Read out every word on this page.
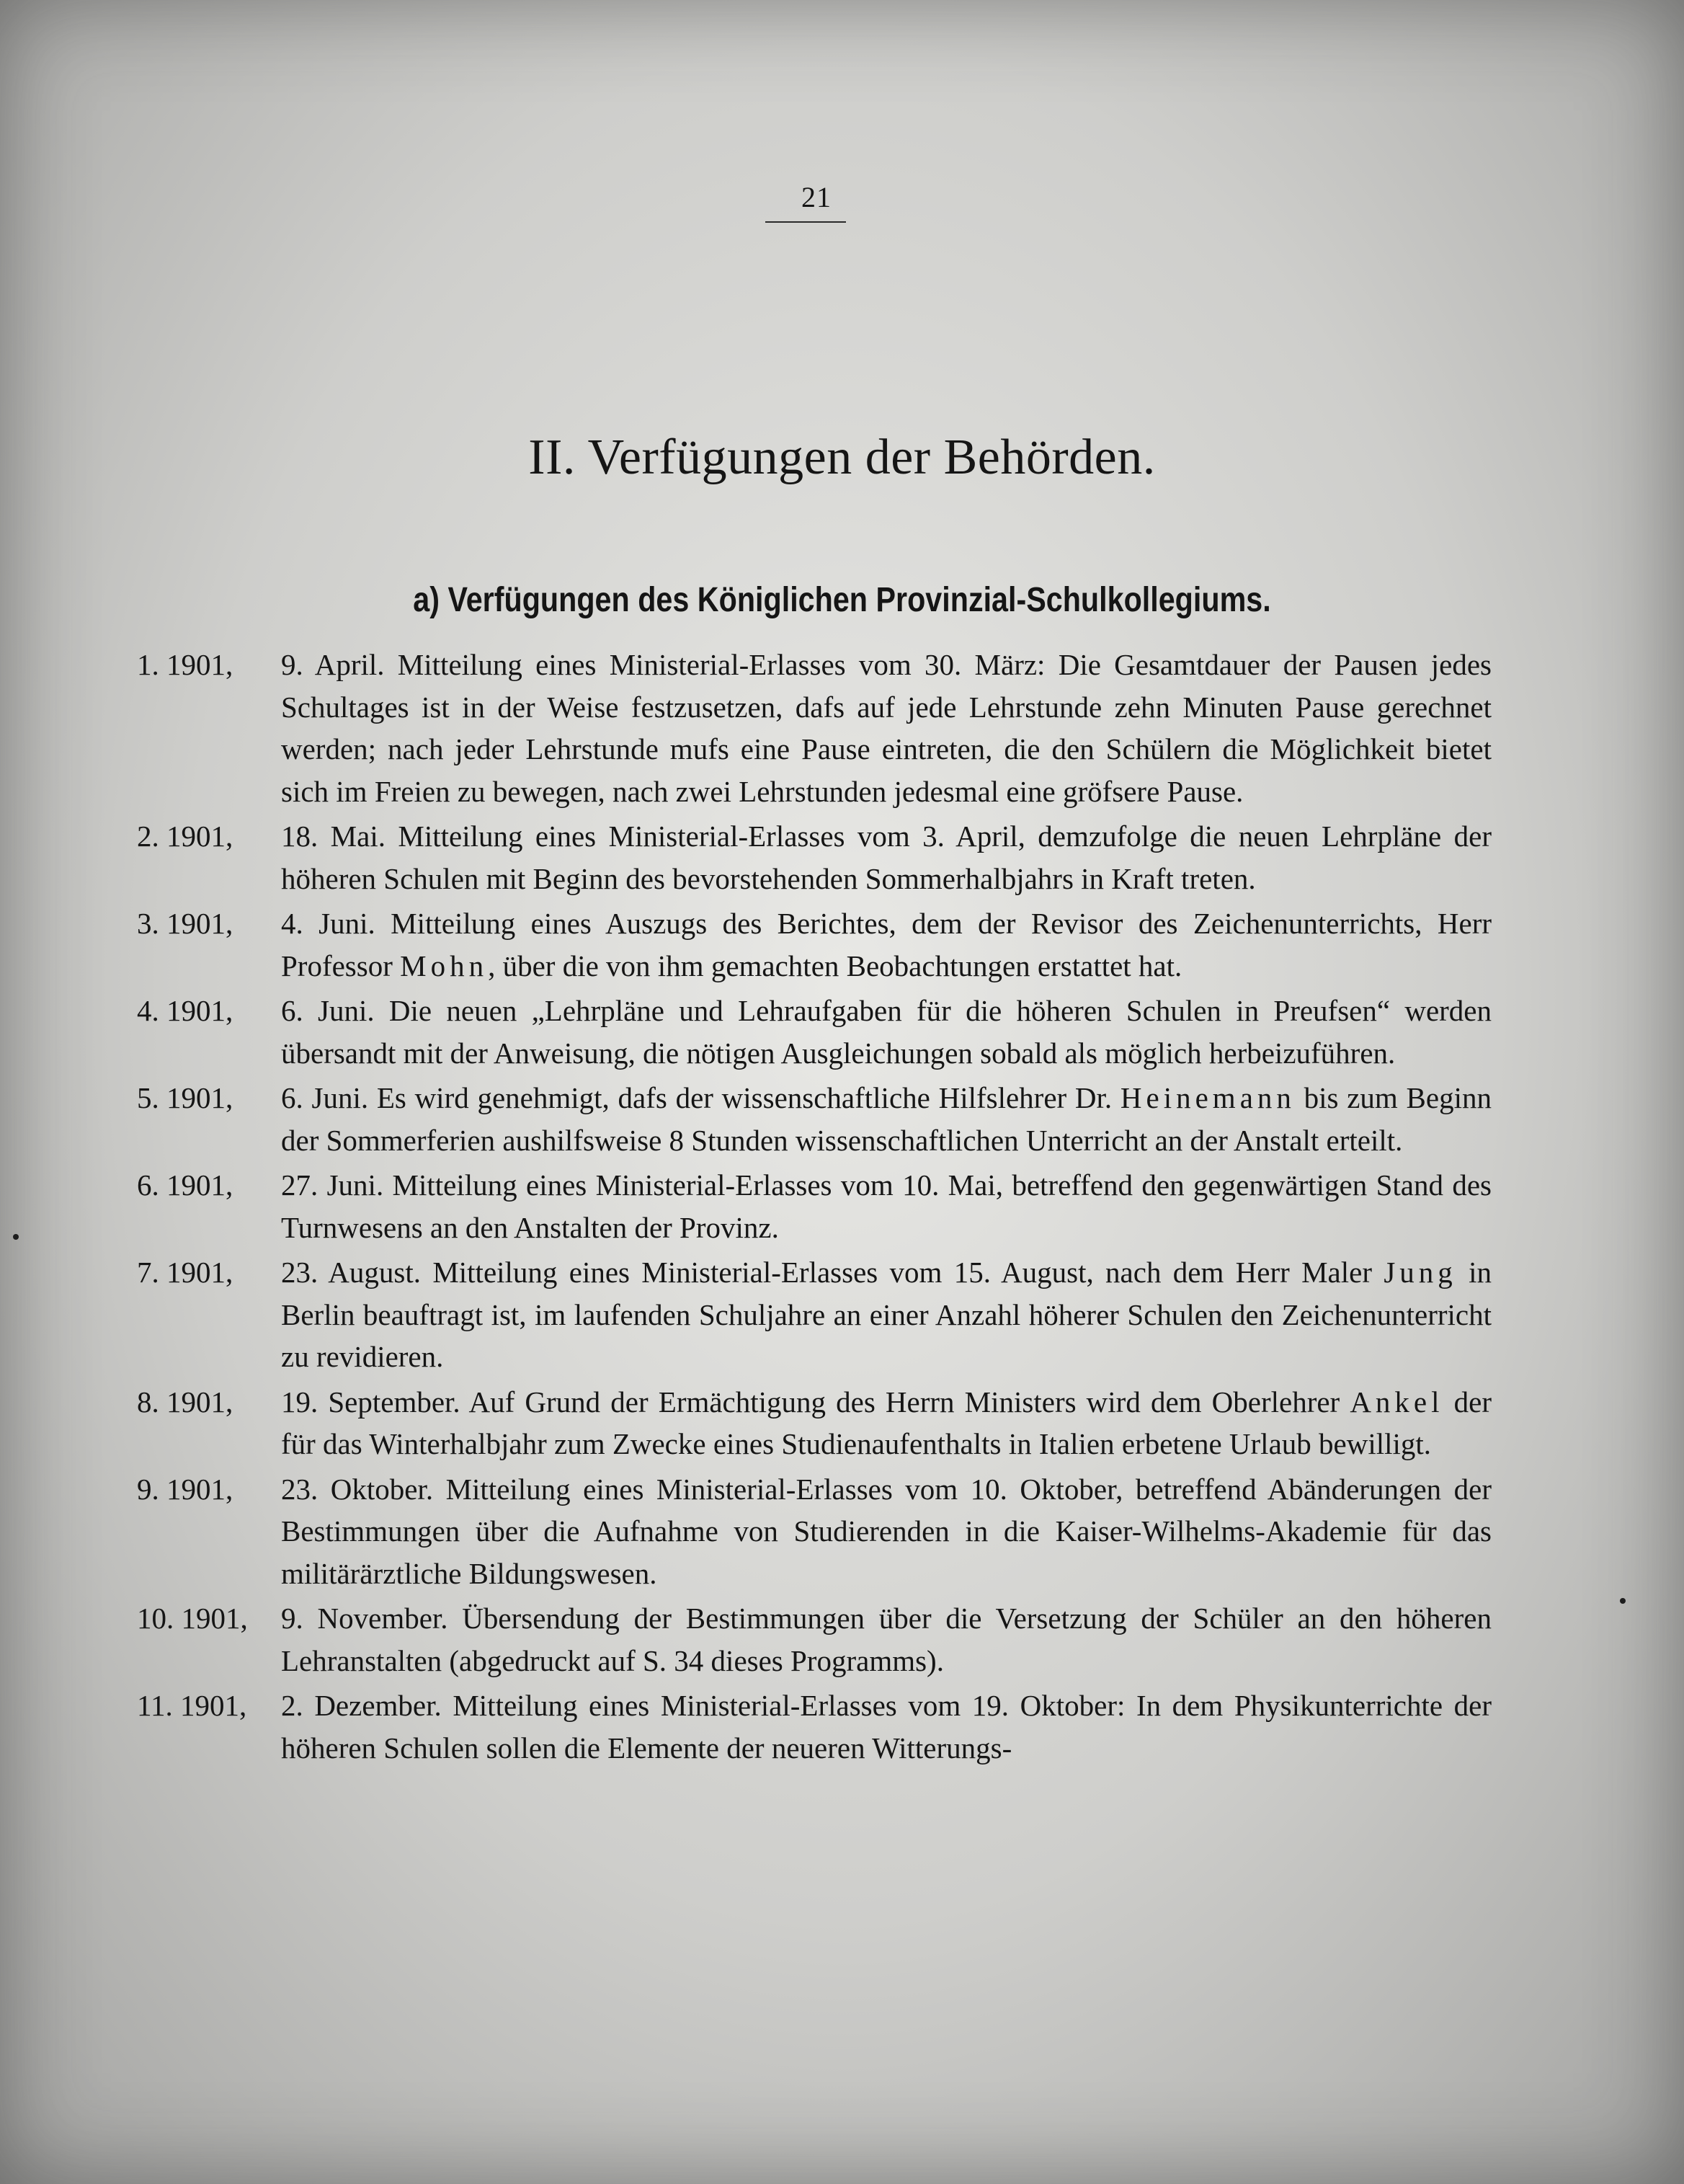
21
II. Verfügungen der Behörden.
a) Verfügungen des Königlichen Provinzial-Schulkollegiums.
1. 1901,	9. April. Mitteilung eines Ministerial-Erlasses vom 30. März: Die Gesamtdauer der Pausen jedes Schultages ist in der Weise festzusetzen, dafs auf jede Lehrstunde zehn Minuten Pause gerechnet werden; nach jeder Lehrstunde mufs eine Pause eintreten, die den Schülern die Möglichkeit bietet sich im Freien zu bewegen, nach zwei Lehrstunden jedesmal eine gröfsere Pause.
2. 1901,	18. Mai. Mitteilung eines Ministerial-Erlasses vom 3. April, demzufolge die neuen Lehrpläne der höheren Schulen mit Beginn des bevorstehenden Sommerhalbjahrs in Kraft treten.
3. 1901,	4. Juni. Mitteilung eines Auszugs des Berichtes, dem der Revisor des Zeichenunterrichts, Herr Professor Mohn, über die von ihm gemachten Beobachtungen erstattet hat.
4. 1901,	6. Juni. Die neuen „Lehrpläne und Lehraufgaben für die höheren Schulen in Preufsen“ werden übersandt mit der Anweisung, die nötigen Ausgleichungen sobald als möglich herbeizuführen.
5. 1901,	6. Juni. Es wird genehmigt, dafs der wissenschaftliche Hilfslehrer Dr. Heinemann bis zum Beginn der Sommerferien aushilfsweise 8 Stunden wissenschaftlichen Unterricht an der Anstalt erteilt.
6. 1901,	27. Juni. Mitteilung eines Ministerial-Erlasses vom 10. Mai, betreffend den gegenwärtigen Stand des Turnwesens an den Anstalten der Provinz.
7. 1901,	23. August. Mitteilung eines Ministerial-Erlasses vom 15. August, nach dem Herr Maler Jung in Berlin beauftragt ist, im laufenden Schuljahre an einer Anzahl höherer Schulen den Zeichenunterricht zu revidieren.
8. 1901,	19. September. Auf Grund der Ermächtigung des Herrn Ministers wird dem Oberlehrer Ankel der für das Winterhalbjahr zum Zwecke eines Studienaufenthalts in Italien erbetene Urlaub bewilligt.
9. 1901,	23. Oktober. Mitteilung eines Ministerial-Erlasses vom 10. Oktober, betreffend Abänderungen der Bestimmungen über die Aufnahme von Studierenden in die Kaiser-Wilhelms-Akademie für das militärärztliche Bildungswesen.
10. 1901,	9. November. Übersendung der Bestimmungen über die Versetzung der Schüler an den höheren Lehranstalten (abgedruckt auf S. 34 dieses Programms).
11. 1901,	2. Dezember. Mitteilung eines Ministerial-Erlasses vom 19. Oktober: In dem Physikunterrichte der höheren Schulen sollen die Elemente der neueren Witterungs-
